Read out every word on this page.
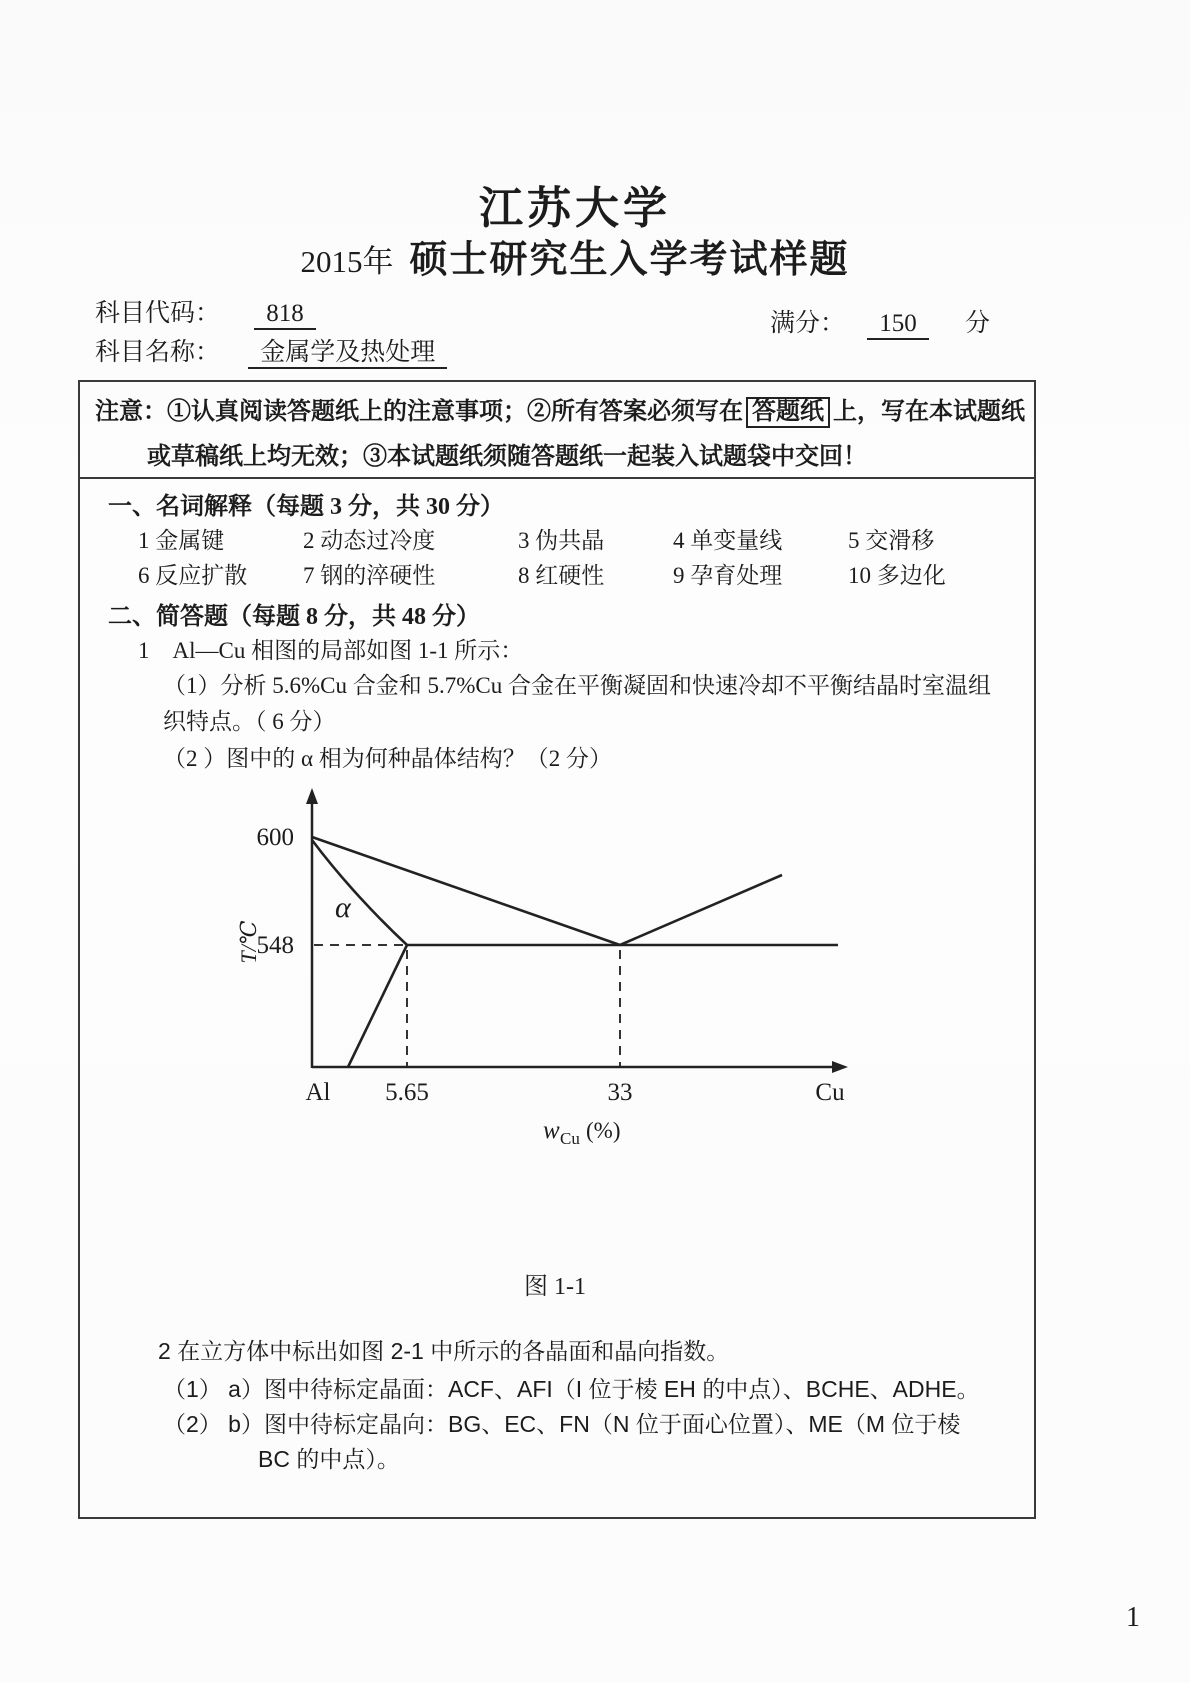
江苏大学
2015年 硕士研究生入学考试样题
科目代码： 818	满分： 150 分
科目名称： 金属学及热处理
注意：①认真阅读答题纸上的注意事项；②所有答案必须写在 答题纸 上，写在本试题纸
或草稿纸上均无效；③本试题纸须随答题纸一起装入试题袋中交回！
一、名词解释（每题 3 分，共 30 分）
1 金属键	2 动态过冷度	3 伪共晶	4 单变量线	5 交滑移
6 反应扩散	7 钢的淬硬性	8 红硬性	9 孕育处理	10 多边化
二、简答题（每题 8 分，共 48 分）
1　Al—Cu 相图的局部如图 1-1 所示：
（1）分析 5.6%Cu 合金和 5.7%Cu 合金在平衡凝固和快速冷却不平衡结晶时室温组
织特点。（ 6 分）
（2 ）图中的 α 相为何种晶体结构？（2 分）
600
548
T/℃
α
Al 5.65	33	Cu
w Cu (%)
图 1-1
2 在立方体中标出如图 2-1 中所示的各晶面和晶向指数。
（1） a）图中待标定晶面：ACF、AFI（I 位于棱 EH 的中点）、BCHE、ADHE。
（2） b）图中待标定晶向：BG、EC、FN（N 位于面心位置）、ME（M 位于棱
BC 的中点）。
1
